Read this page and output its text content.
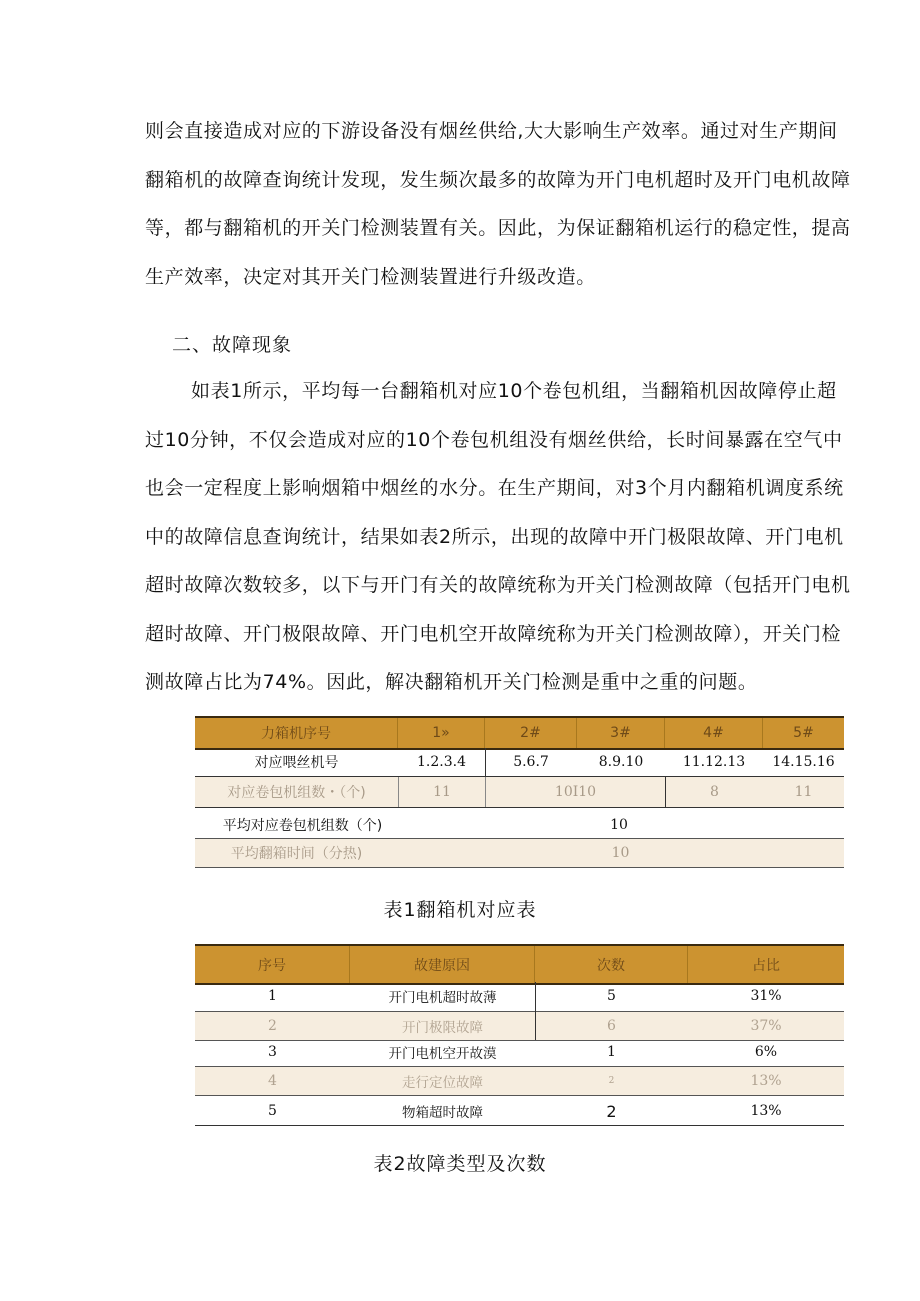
则会直接造成对应的下游设备没有烟丝供给,大大影响生产效率。通过对生产期间翻箱机的故障查询统计发现，发生频次最多的故障为开门电机超时及开门电机故障等，都与翻箱机的开关门检测装置有关。因此，为保证翻箱机运行的稳定性，提高生产效率，决定对其开关门检测装置进行升级改造。

二、故障现象

如表1所示，平均每一台翻箱机对应10个卷包机组，当翻箱机因故障停止超过10分钟，不仅会造成对应的10个卷包机组没有烟丝供给，长时间暴露在空气中也会一定程度上影响烟箱中烟丝的水分。在生产期间，对3个月内翻箱机调度系统中的故障信息查询统计，结果如表2所示，出现的故障中开门极限故障、开门电机超时故障次数较多，以下与开门有关的故障统称为开关门检测故障（包括开门电机超时故障、开门极限故障、开门电机空开故障统称为开关门检测故障），开关门检测故障占比为74%。因此，解决翻箱机开关门检测是重中之重的问题。

力箱机序号	1»	2#	3#	4#	5#
对应喂丝机号	1.2.3.4	5.6.7	8.9.10	11.12.13	14.15.16
对应卷包机组数・（个)	11	10I10	8	11
平均对应卷包机组数（个)	10
平均翻箱时间（分热)	10
表1翻箱机对应表
序号	故建原因	次数	占比
1	开门电机超时故薄	5	31%
2	开门极限故障	6	37%
3	开门电机空开故漠	1	6%
4	走行定位故障	2	13%
5	物箱超时故障	2	13%
表2故障类型及次数
